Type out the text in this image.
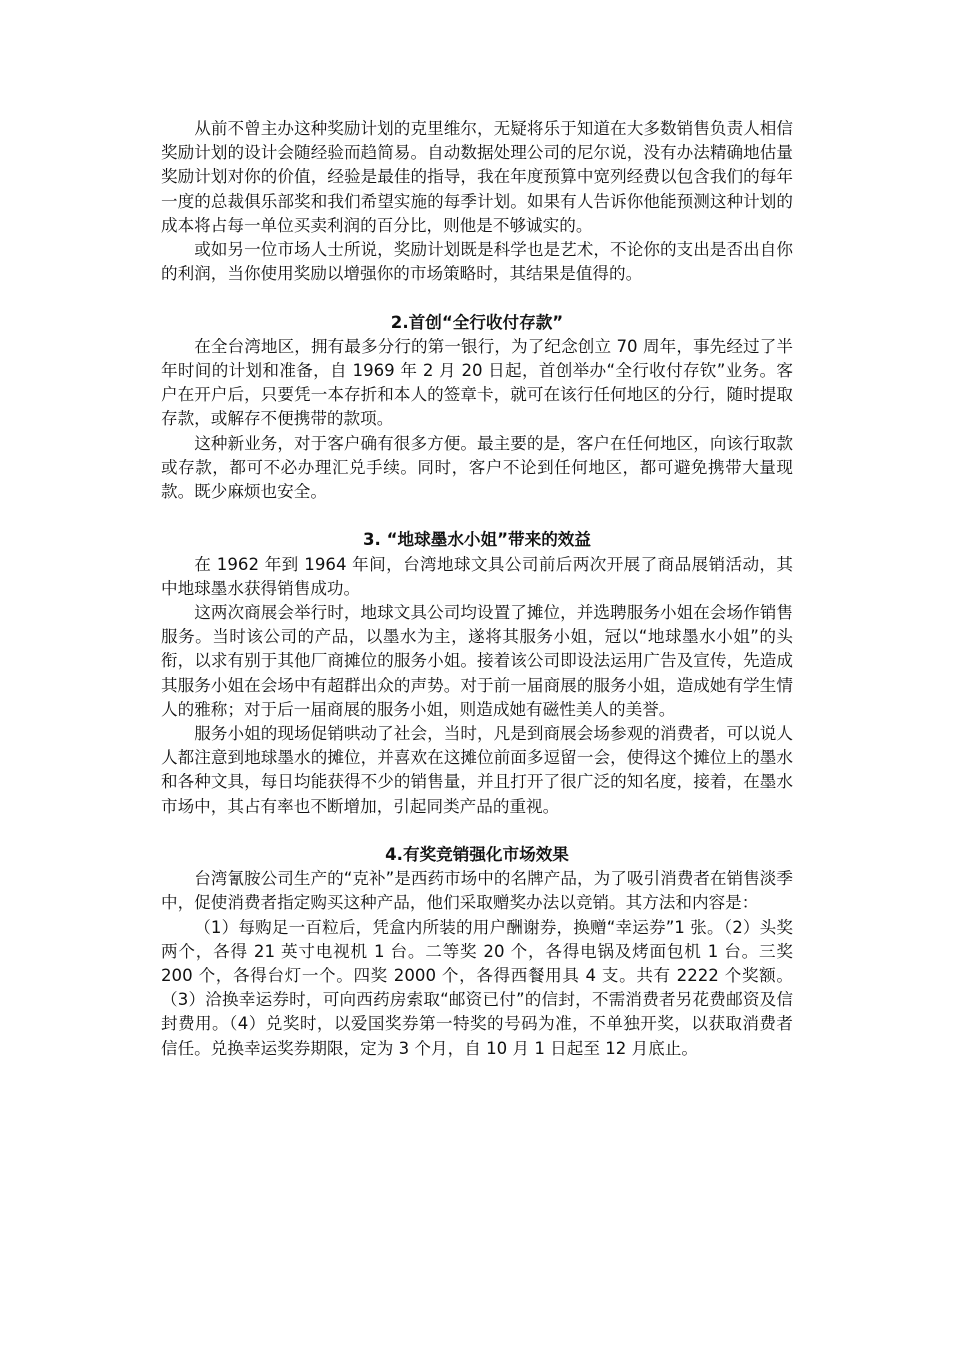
从前不曾主办这种奖励计划的克里维尔，无疑将乐于知道在大多数销售负责人相信奖励计划的设计会随经验而趋简易。自动数据处理公司的尼尔说，没有办法精确地估量奖励计划对你的价值，经验是最佳的指导，我在年度预算中宽列经费以包含我们的每年一度的总裁俱乐部奖和我们希望实施的每季计划。如果有人告诉你他能预测这种计划的成本将占每一单位买卖利润的百分比，则他是不够诚实的。

或如另一位市场人士所说，奖励计划既是科学也是艺术，不论你的支出是否出自你的利润，当你使用奖励以增强你的市场策略时，其结果是值得的。

2.首创“全行收付存款”

在全台湾地区，拥有最多分行的第一银行，为了纪念创立 70 周年，事先经过了半年时间的计划和准备，自 1969 年 2 月 20 日起，首创举办“全行收付存钦”业务。客户在开户后，只要凭一本存折和本人的签章卡，就可在该行任何地区的分行，随时提取存款，或解存不便携带的款项。

这种新业务，对于客户确有很多方便。最主要的是，客户在任何地区，向该行取款或存款，都可不必办理汇兑手续。同时，客户不论到任何地区，都可避免携带大量现款。既少麻烦也安全。

3. “地球墨水小姐”带来的效益

在 1962 年到 1964 年间，台湾地球文具公司前后两次开展了商品展销活动，其中地球墨水获得销售成功。

这两次商展会举行时，地球文具公司均设置了摊位，并选聘服务小姐在会场作销售服务。当时该公司的产品，以墨水为主，遂将其服务小姐，冠以“地球墨水小姐”的头衔，以求有别于其他厂商摊位的服务小姐。接着该公司即设法运用广告及宣传，先造成其服务小姐在会场中有超群出众的声势。对于前一届商展的服务小姐，造成她有学生情人的雅称；对于后一届商展的服务小姐，则造成她有磁性美人的美誉。

服务小姐的现场促销哄动了社会，当时，凡是到商展会场参观的消费者，可以说人人都注意到地球墨水的摊位，并喜欢在这摊位前面多逗留一会，使得这个摊位上的墨水和各种文具，每日均能获得不少的销售量，并且打开了很广泛的知名度，接着，在墨水市场中，其占有率也不断增加，引起同类产品的重视。

4.有奖竞销强化市场效果

台湾氰胺公司生产的“克补”是西药市场中的名牌产品，为了吸引消费者在销售淡季中，促使消费者指定购买这种产品，他们采取赠奖办法以竞销。其方法和内容是：

（1）每购足一百粒后，凭盒内所装的用户酬谢券，换赠“幸运券”1 张。（2）头奖两个，各得 21 英寸电视机 1 台。二等奖 20 个，各得电锅及烤面包机 1 台。三奖 200 个，各得台灯一个。四奖 2000 个，各得西餐用具 4 支。共有 2222 个奖额。（3）洽换幸运券时，可向西药房索取“邮资已付”的信封，不需消费者另花费邮资及信封费用。（4）兑奖时，以爱国奖券第一特奖的号码为准，不单独开奖，以获取消费者信任。兑换幸运奖券期限，定为 3 个月，自 10 月 1 日起至 12 月底止。
